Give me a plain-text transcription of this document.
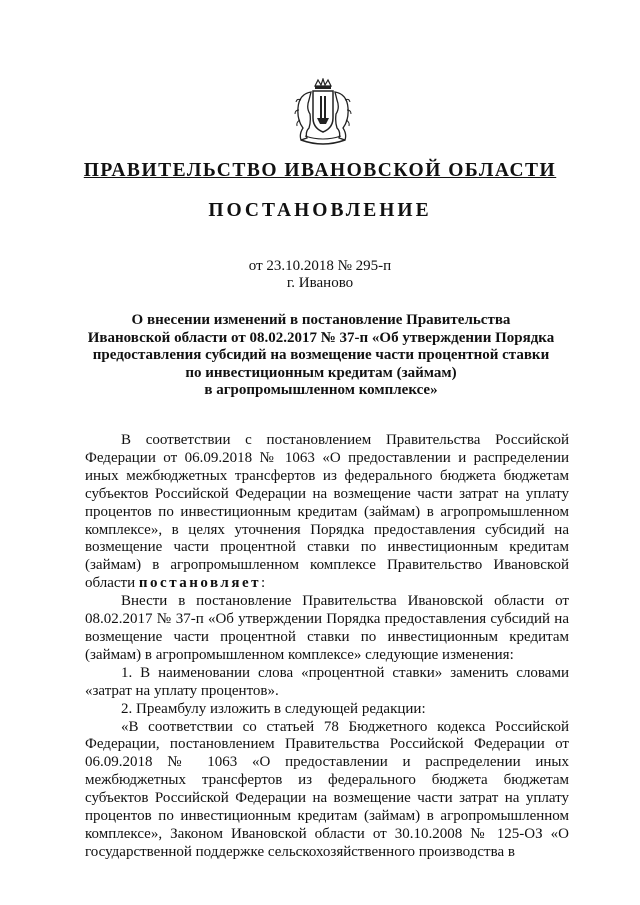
ПРАВИТЕЛЬСТВО ИВАНОВСКОЙ ОБЛАСТИ
ПОСТАНОВЛЕНИЕ
от 23.10.2018 № 295-п
г. Иваново
О внесении изменений в постановление Правительства
Ивановской области от 08.02.2017 № 37-п «Об утверждении Порядка
предоставления субсидий на возмещение части процентной ставки
по инвестиционным кредитам (займам)
в агропромышленном комплексе»

В соответствии с постановлением Правительства Российской Федерации от 06.09.2018 № 1063 «О предоставлении и распределении иных межбюджетных трансфертов из федерального бюджета бюджетам субъектов Российской Федерации на возмещение части затрат на уплату процентов по инвестиционным кредитам (займам) в агропромышленном комплексе», в целях уточнения Порядка предоставления субсидий на возмещение части процентной ставки по инвестиционным кредитам (займам) в агропромышленном комплексе Правительство Ивановской области постановляет:

Внести в постановление Правительства Ивановской области от 08.02.2017 № 37-п «Об утверждении Порядка предоставления субсидий на возмещение части процентной ставки по инвестиционным кредитам (займам) в агропромышленном комплексе» следующие изменения:

1. В наименовании слова «процентной ставки» заменить словами «затрат на уплату процентов».

2. Преамбулу изложить в следующей редакции:

«В соответствии со статьей 78 Бюджетного кодекса Российской Федерации, постановлением Правительства Российской Федерации от 06.09.2018 № 1063 «О предоставлении и распределении иных межбюджетных трансфертов из федерального бюджета бюджетам субъектов Российской Федерации на возмещение части затрат на уплату процентов по инвестиционным кредитам (займам) в агропромышленном комплексе», Законом Ивановской области от 30.10.2008 № 125-ОЗ «О государственной поддержке сельскохозяйственного производства в
